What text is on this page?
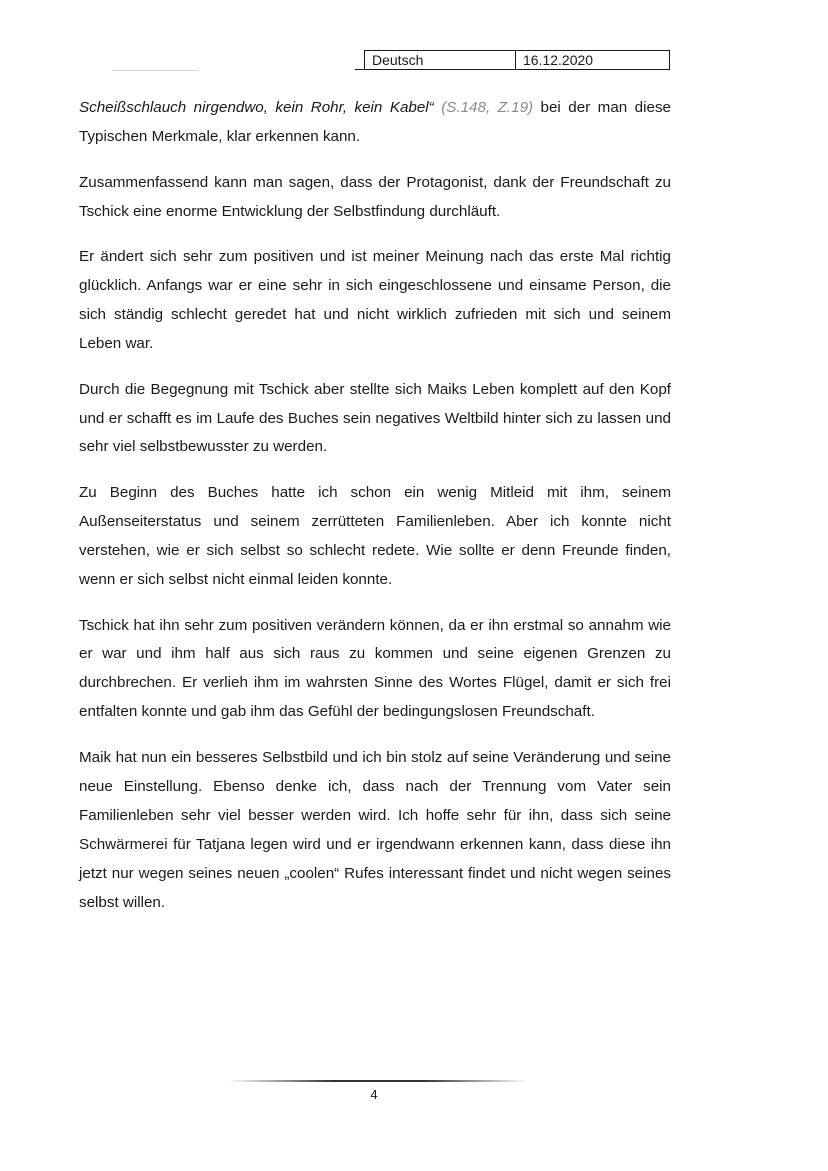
	Deutsch	16.12.2020

Scheißschlauch nirgendwo, kein Rohr, kein Kabel“ (S.148, Z.19) bei der man diese Typischen Merkmale, klar erkennen kann.

Zusammenfassend kann man sagen, dass der Protagonist, dank der Freundschaft zu Tschick eine enorme Entwicklung der Selbstfindung durchläuft.

Er ändert sich sehr zum positiven und ist meiner Meinung nach das erste Mal richtig glücklich. Anfangs war er eine sehr in sich eingeschlossene und einsame Person, die sich ständig schlecht geredet hat und nicht wirklich zufrieden mit sich und seinem Leben war.

Durch die Begegnung mit Tschick aber stellte sich Maiks Leben komplett auf den Kopf und er schafft es im Laufe des Buches sein negatives Weltbild hinter sich zu lassen und sehr viel selbstbewusster zu werden.

Zu Beginn des Buches hatte ich schon ein wenig Mitleid mit ihm, seinem Außenseiterstatus und seinem zerrütteten Familienleben. Aber ich konnte nicht verstehen, wie er sich selbst so schlecht redete. Wie sollte er denn Freunde finden, wenn er sich selbst nicht einmal leiden konnte.

Tschick hat ihn sehr zum positiven verändern können, da er ihn erstmal so annahm wie er war und ihm half aus sich raus zu kommen und seine eigenen Grenzen zu durchbrechen. Er verlieh ihm im wahrsten Sinne des Wortes Flügel, damit er sich frei entfalten konnte und gab ihm das Gefühl der bedingungslosen Freundschaft.

Maik hat nun ein besseres Selbstbild und ich bin stolz auf seine Veränderung und seine neue Einstellung. Ebenso denke ich, dass nach der Trennung vom Vater sein Familienleben sehr viel besser werden wird. Ich hoffe sehr für ihn, dass sich seine Schwärmerei für Tatjana legen wird und er irgendwann erkennen kann, dass diese ihn jetzt nur wegen seines neuen „coolen“ Rufes interessant findet und nicht wegen seines selbst willen.

4
